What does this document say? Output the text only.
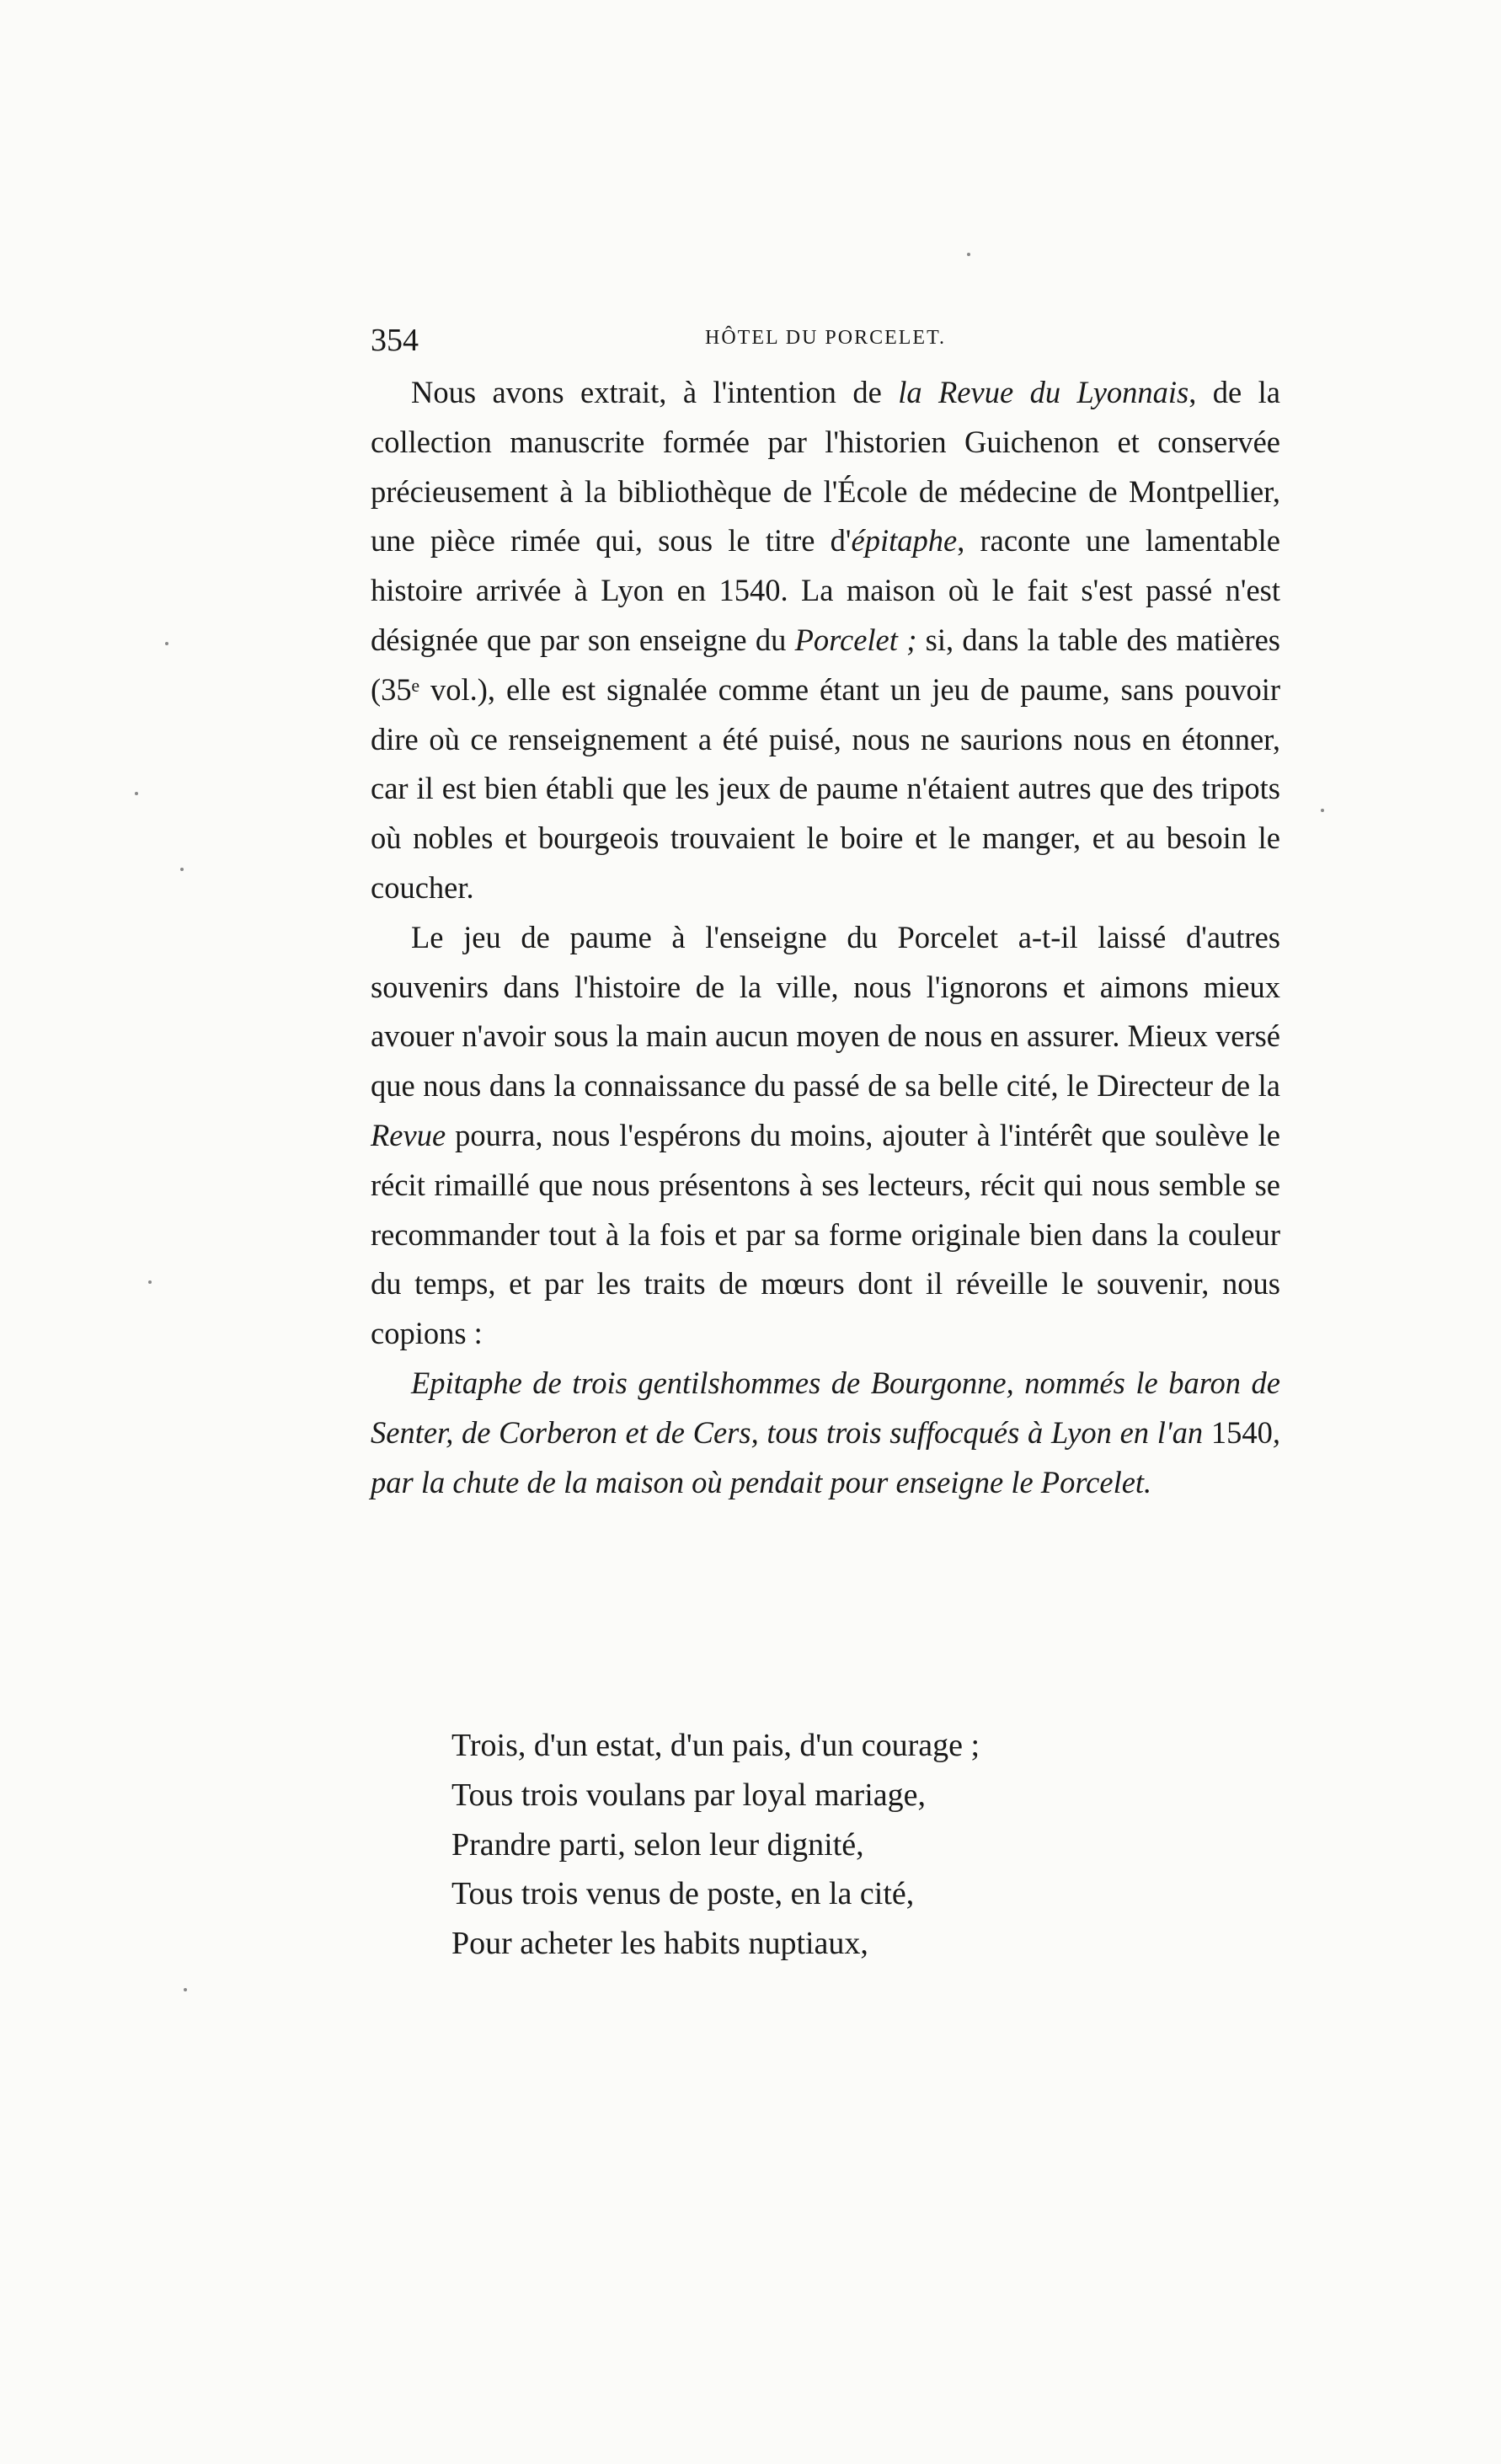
354	HÔTEL DU PORCELET.

Nous avons extrait, à l'intention de la Revue du Lyonnais, de la collection manuscrite formée par l'historien Guichenon et conservée précieusement à la bibliothèque de l'École de médecine de Montpellier, une pièce rimée qui, sous le titre d'épitaphe, raconte une lamentable histoire arrivée à Lyon en 1540. La maison où le fait s'est passé n'est désignée que par son enseigne du Porcelet ; si, dans la table des matières (35ᵉ vol.), elle est signalée comme étant un jeu de paume, sans pouvoir dire où ce renseignement a été puisé, nous ne saurions nous en étonner, car il est bien établi que les jeux de paume n'étaient autres que des tripots où nobles et bourgeois trouvaient le boire et le manger, et au besoin le coucher.

Le jeu de paume à l'enseigne du Porcelet a-t-il laissé d'autres souvenirs dans l'histoire de la ville, nous l'ignorons et aimons mieux avouer n'avoir sous la main aucun moyen de nous en assurer. Mieux versé que nous dans la connaissance du passé de sa belle cité, le Directeur de la Revue pourra, nous l'espérons du moins, ajouter à l'intérêt que soulève le récit rimaillé que nous présentons à ses lecteurs, récit qui nous semble se recommander tout à la fois et par sa forme originale bien dans la couleur du temps, et par les traits de mœurs dont il réveille le souvenir, nous copions :

Epitaphe de trois gentilshommes de Bourgonne, nommés le baron de Senter, de Corberon et de Cers, tous trois suffocqués à Lyon en l'an 1540, par la chute de la maison où pendait pour enseigne le Porcelet.

Trois, d'un estat, d'un pais, d'un courage ;
Tous trois voulans par loyal mariage,
Prandre parti, selon leur dignité,
Tous trois venus de poste, en la cité,
Pour acheter les habits nuptiaux,
